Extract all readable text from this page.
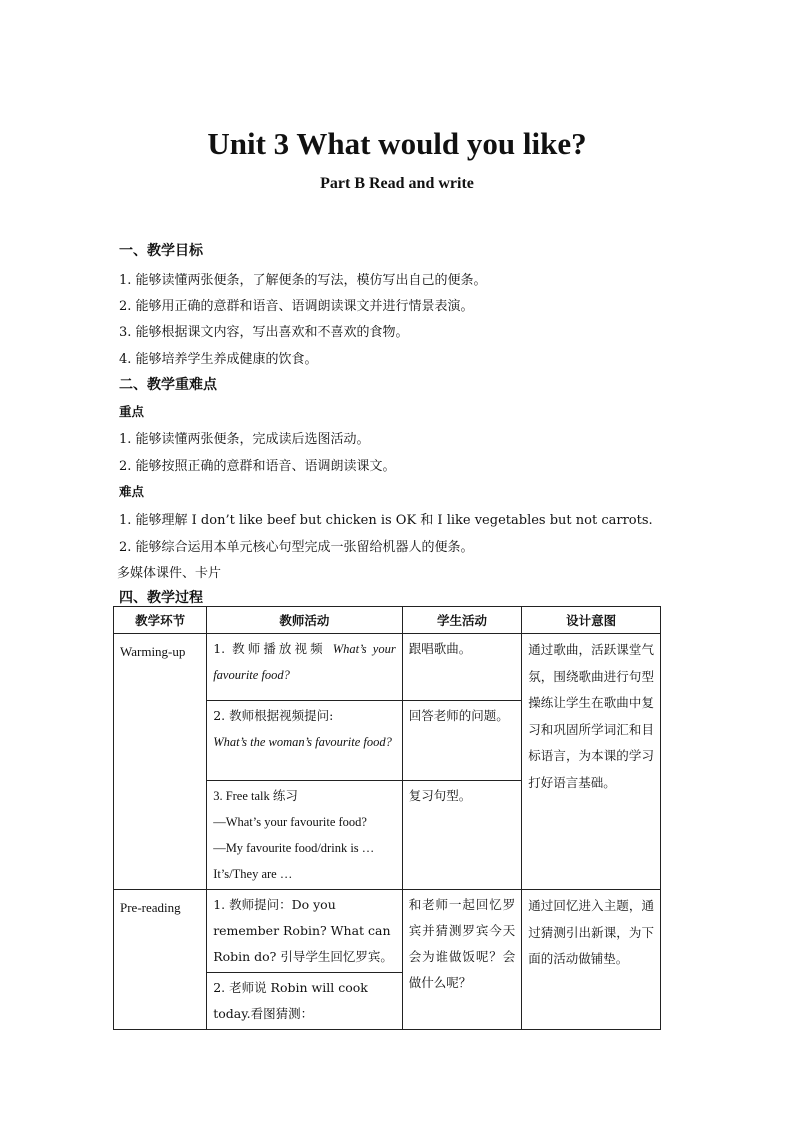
Unit 3 What would you like?
Part B Read and write
一、教学目标
1. 能够读懂两张便条，了解便条的写法，模仿写出自己的便条。
2. 能够用正确的意群和语音、语调朗读课文并进行情景表演。
3. 能够根据课文内容，写出喜欢和不喜欢的食物。
4. 能够培养学生养成健康的饮食。
二、教学重难点
重点
1. 能够读懂两张便条，完成读后选图活动。
2. 能够按照正确的意群和语音、语调朗读课文。
难点
1. 能够理解 I don’t like beef but chicken is OK 和 I like vegetables but not carrots.
2. 能够综合运用本单元核心句型完成一张留给机器人的便条。
多媒体课件、卡片
四、教学过程
教学环节	教师活动	学生活动	设计意图
Warming-up	1. 教师播放视频 What’s your favourite food?	跟唱歌曲。	通过歌曲，活跃课堂气氛，围绕歌曲进行句型操练让学生在歌曲中复习和巩固所学词汇和目标语言，为本课的学习打好语言基础。

	2. 教师根据视频提问:
What’s the woman’s favourite food?	回答老师的问题。	

	3. Free talk 练习
—What’s your favourite food?
—My favourite food/drink is …
It’s/They are …	复习句型。	
Pre-reading	1. 教师提问：Do you remember Robin? What can Robin do? 引导学生回忆罗宾。	和老师一起回忆罗宾并猜测罗宾今天会为谁做饭呢？会做什么呢？	通过回忆进入主题，通过猜测引出新课，为下面的活动做铺垫。
	2. 老师说 Robin will cook today.看图猜测：		
